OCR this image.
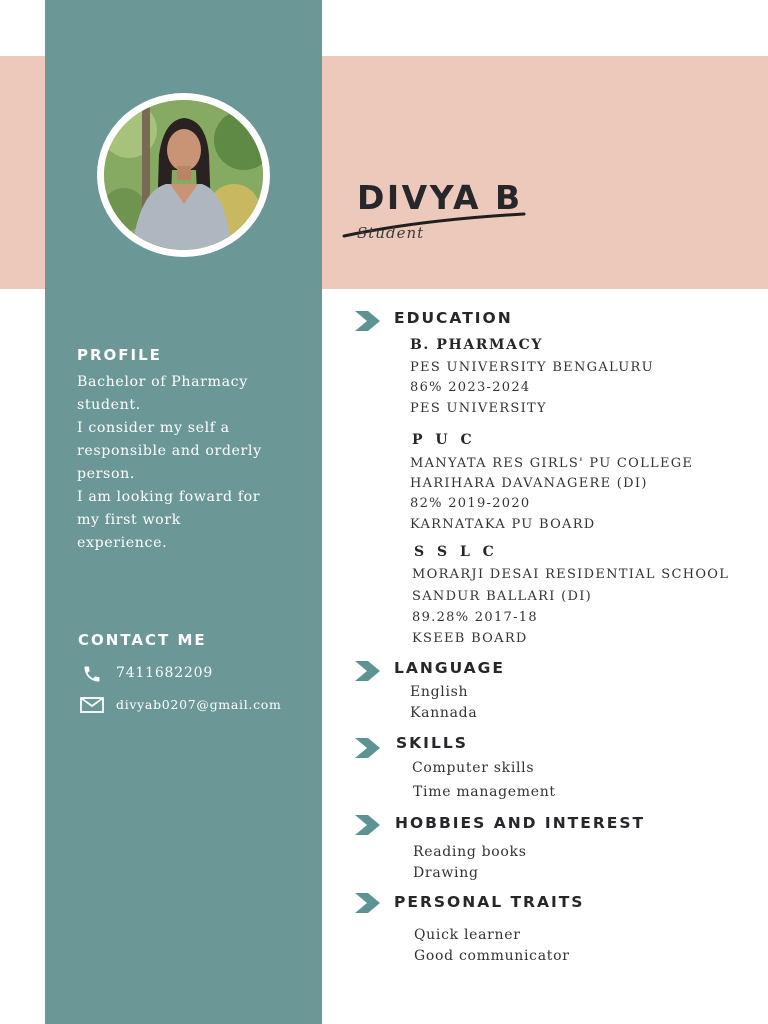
DIVYA B
Student
PROFILE
Bachelor of Pharmacy
student.
I consider my self a
responsible and orderly
person.
I am looking foward for
my first work
experience.
CONTACT ME
7411682209
divyab0207@gmail.com
EDUCATION
B. PHARMACY
PES UNIVERSITY BENGALURU
86% 2023-2024
PES UNIVERSITY
P U C
MANYATA RES GIRLS' PU COLLEGE
HARIHARA DAVANAGERE (DI)
82% 2019-2020
KARNATAKA PU BOARD
S S L C
MORARJI DESAI RESIDENTIAL SCHOOL
SANDUR BALLARI (DI)
89.28% 2017-18
KSEEB BOARD
LANGUAGE
English
Kannada
SKILLS
Computer skills
Time management
HOBBIES AND INTEREST
Reading books
Drawing
PERSONAL TRAITS
Quick learner
Good communicator
